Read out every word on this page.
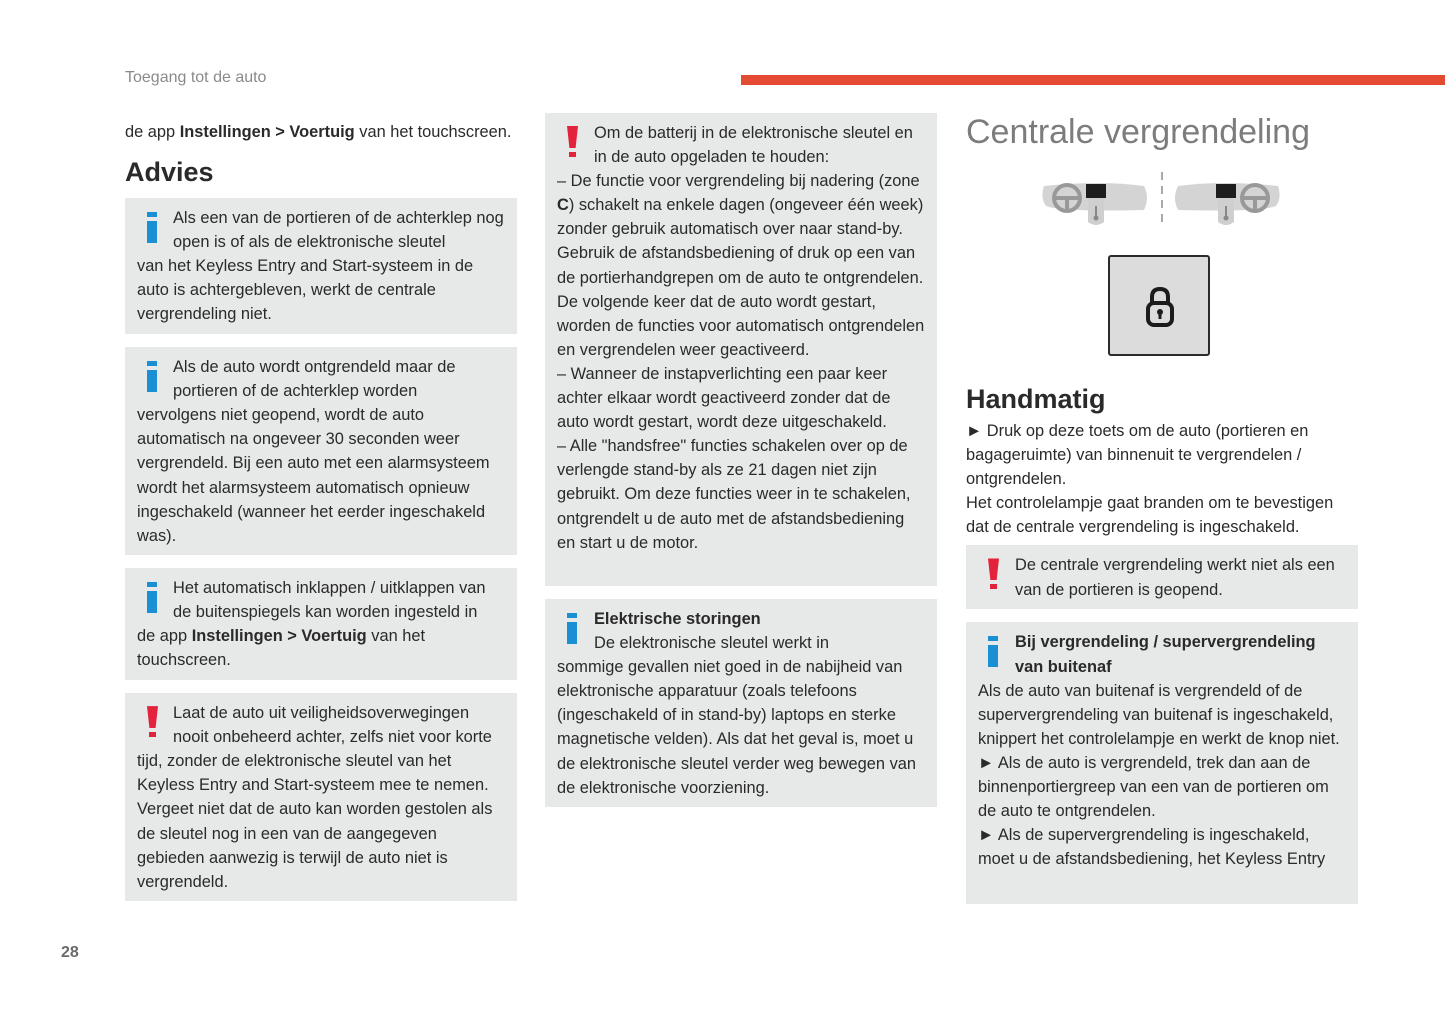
Toegang tot de auto

de app Instellingen > Voertuig van het touchscreen.

Advies

Als een van de portieren of de achterklep nog open is of als de elektronische sleutel
van het Keyless Entry and Start-systeem in de auto is achtergebleven, werkt de centrale vergrendeling niet.

Als de auto wordt ontgrendeld maar de portieren of de achterklep worden
vervolgens niet geopend, wordt de auto automatisch na ongeveer 30 seconden weer vergrendeld. Bij een auto met een alarmsysteem wordt het alarmsysteem automatisch opnieuw ingeschakeld (wanneer het eerder ingeschakeld was).

Het automatisch inklappen / uitklappen van de buitenspiegels kan worden ingesteld in
de app Instellingen > Voertuig van het touchscreen.

Laat de auto uit veiligheidsoverwegingen nooit onbeheerd achter, zelfs niet voor korte
tijd, zonder de elektronische sleutel van het Keyless Entry and Start-systeem mee te nemen. Vergeet niet dat de auto kan worden gestolen als de sleutel nog in een van de aangegeven gebieden aanwezig is terwijl de auto niet is vergrendeld.

Om de batterij in de elektronische sleutel en in de auto opgeladen te houden:
– De functie voor vergrendeling bij nadering (zone C) schakelt na enkele dagen (ongeveer één week) zonder gebruik automatisch over naar stand-by. Gebruik de afstandsbediening of druk op een van de portierhandgrepen om de auto te ontgrendelen. De volgende keer dat de auto wordt gestart, worden de functies voor automatisch ontgrendelen en vergrendelen weer geactiveerd.

– Wanneer de instapverlichting een paar keer achter elkaar wordt geactiveerd zonder dat de auto wordt gestart, wordt deze uitgeschakeld.

– Alle "handsfree" functies schakelen over op de verlengde stand-by als ze 21 dagen niet zijn gebruikt. Om deze functies weer in te schakelen, ontgrendelt u de auto met de afstandsbediening en start u de motor.

Elektrische storingen
De elektronische sleutel werkt in
sommige gevallen niet goed in de nabijheid van elektronische apparatuur (zoals telefoons (ingeschakeld of in stand-by) laptops en sterke magnetische velden). Als dat het geval is, moet u de elektronische sleutel verder weg bewegen van de elektronische voorziening.

Centrale vergrendeling
Handmatig

► Druk op deze toets om de auto (portieren en bagageruimte) van binnenuit te vergrendelen / ontgrendelen.

Het controlelampje gaat branden om te bevestigen dat de centrale vergrendeling is ingeschakeld.

De centrale vergrendeling werkt niet als een van de portieren is geopend.

Bij vergrendeling / supervergrendeling van buitenaf
Als de auto van buitenaf is vergrendeld of de supervergrendeling van buitenaf is ingeschakeld, knippert het controlelampje en werkt de knop niet.

► Als de auto is vergrendeld, trek dan aan de binnenportiergreep van een van de portieren om de auto te ontgrendelen.

► Als de supervergrendeling is ingeschakeld, moet u de afstandsbediening, het Keyless Entry

28
